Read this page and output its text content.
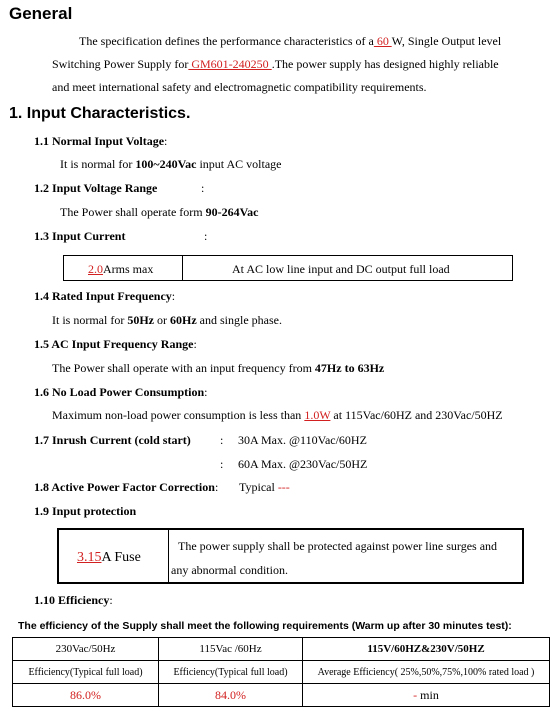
General
The specification defines the performance characteristics of a 60 W, Single Output level
Switching Power Supply for GM601-240250 .The power supply has designed highly reliable
and meet international safety and electromagnetic compatibility requirements.
1. Input Characteristics.
1.1 Normal Input Voltage:
It is normal for 100~240Vac input AC voltage
1.2 Input Voltage Range	:
The Power shall operate form 90-264Vac
1.3 Input Current	:
2.0Arms max	At AC low line input and DC output full load
1.4 Rated Input Frequency:
It is normal for 50Hz or 60Hz and single phase.
1.5 AC Input Frequency Range:
The Power shall operate with an input frequency from 47Hz to 63Hz
1.6 No Load Power Consumption:
Maximum non-load power consumption is less than 1.0W at 115Vac/60HZ and 230Vac/50HZ
1.7 Inrush Current (cold start) : 30A Max. @110Vac/60HZ
: 60A Max. @230Vac/50HZ
1.8 Active Power Factor Correction: Typical ---
1.9 Input protection
3.15A Fuse
The power supply shall be protected against power line surges and
any abnormal condition.
1.10 Efficiency:
The efficiency of the Supply shall meet the following requirements (Warm up after 30 minutes test):
230Vac/50Hz	115Vac /60Hz	115V/60HZ&230V/50HZ
Efficiency(Typical full load)	Efficiency(Typical full load)	Average Efficiency( 25%,50%,75%,100% rated load )
86.0%	84.0%	- min
